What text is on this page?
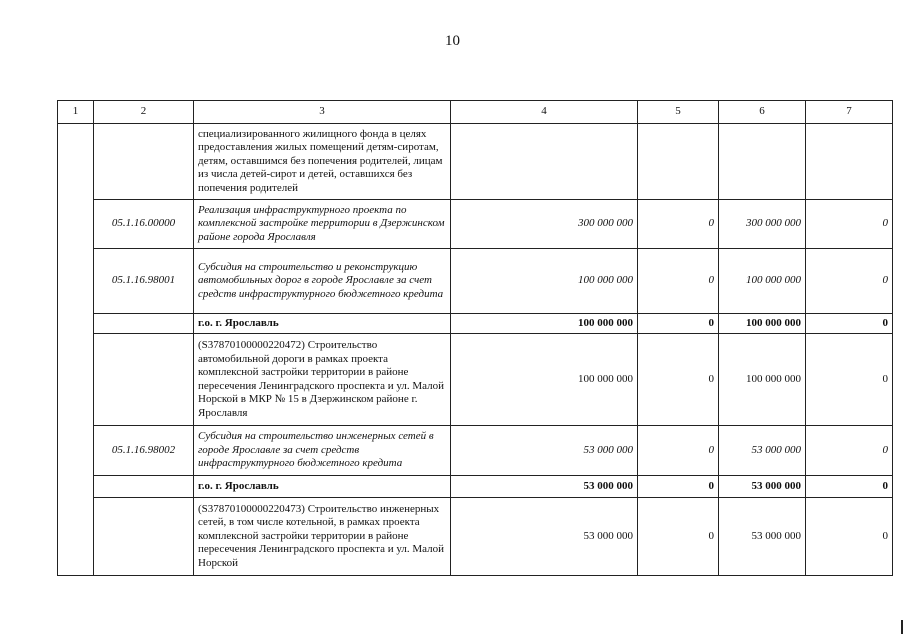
10
1	2	3	4	5	6	7
		специализированного жилищного фонда в целях предоставления жилых помещений детям-сиротам, детям, оставшимся без попечения родителей, лицам из числа детей-сирот и детей, оставшихся без попечения родителей				
	05.1.16.00000	Реализация инфраструктурного проекта по комплексной застройке территории в Дзержинском районе города Ярославля	300 000 000	0	300 000 000	0
	05.1.16.98001	Субсидия на строительство и реконструкцию автомобильных дорог в городе Ярославле за счет средств инфраструктурного бюджетного кредита	100 000 000	0	100 000 000	0
		г.о. г. Ярославль	100 000 000	0	100 000 000	0
		(S37870100000220472) Строительство автомобильной дороги в рамках проекта комплексной застройки территории в районе пересечения Ленинградского проспекта и ул. Малой Норской в МКР № 15 в Дзержинском районе г. Ярославля	100 000 000	0	100 000 000	0
	05.1.16.98002	Субсидия на строительство инженерных сетей в городе Ярославле за счет средств инфраструктурного бюджетного кредита	53 000 000	0	53 000 000	0
		г.о. г. Ярославль	53 000 000	0	53 000 000	0
		(S37870100000220473) Строительство инженерных сетей, в том числе котельной, в рамках проекта комплексной застройки территории в районе пересечения Ленинградского проспекта и ул. Малой Норской	53 000 000	0	53 000 000	0
